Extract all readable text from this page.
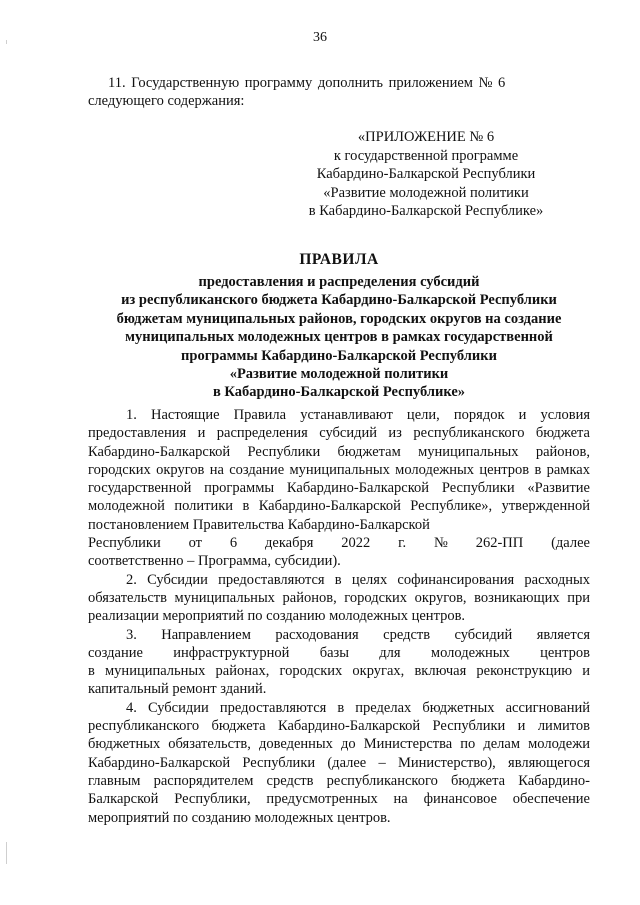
36
11. Государственную программу дополнить приложением № 6
следующего содержания:
«ПРИЛОЖЕНИЕ № 6
к государственной программе
Кабардино-Балкарской Республики
«Развитие молодежной политики
в Кабардино-Балкарской Республике»
ПРАВИЛА
предоставления и распределения субсидий
из республиканского бюджета Кабардино-Балкарской Республики
бюджетам муниципальных районов, городских округов на создание
муниципальных молодежных центров в рамках государственной
программы Кабардино-Балкарской Республики
«Развитие молодежной политики
в Кабардино-Балкарской Республике»

1. Настоящие Правила устанавливают цели, порядок и условия предоставления и распределения субсидий из республиканского бюджета Кабардино-Балкарской Республики бюджетам муниципальных районов, городских округов на создание муниципальных молодежных центров в рамках государственной программы Кабардино-Балкарской Республики «Развитие молодежной политики в Кабардино-Балкарской Республике», утвержденной постановлением Правительства Кабардино-Балкарской
Республики от 6 декабря 2022 г. № 262-ПП (далее
соответственно – Программа, субсидии).

2. Субсидии предоставляются в целях софинансирования расходных обязательств муниципальных районов, городских округов, возникающих при реализации мероприятий по созданию молодежных центров.

3. Направлением расходования средств субсидий является
создание инфраструктурной базы для молодежных центров
в муниципальных районах, городских округах, включая реконструкцию и капитальный ремонт зданий.

4. Субсидии предоставляются в пределах бюджетных ассигнований республиканского бюджета Кабардино-Балкарской Республики и лимитов бюджетных обязательств, доведенных до Министерства по делам молодежи Кабардино-Балкарской Республики (далее – Министерство), являющегося главным распорядителем средств республиканского бюджета Кабардино-Балкарской Республики, предусмотренных на финансовое обеспечение мероприятий по созданию молодежных центров.
